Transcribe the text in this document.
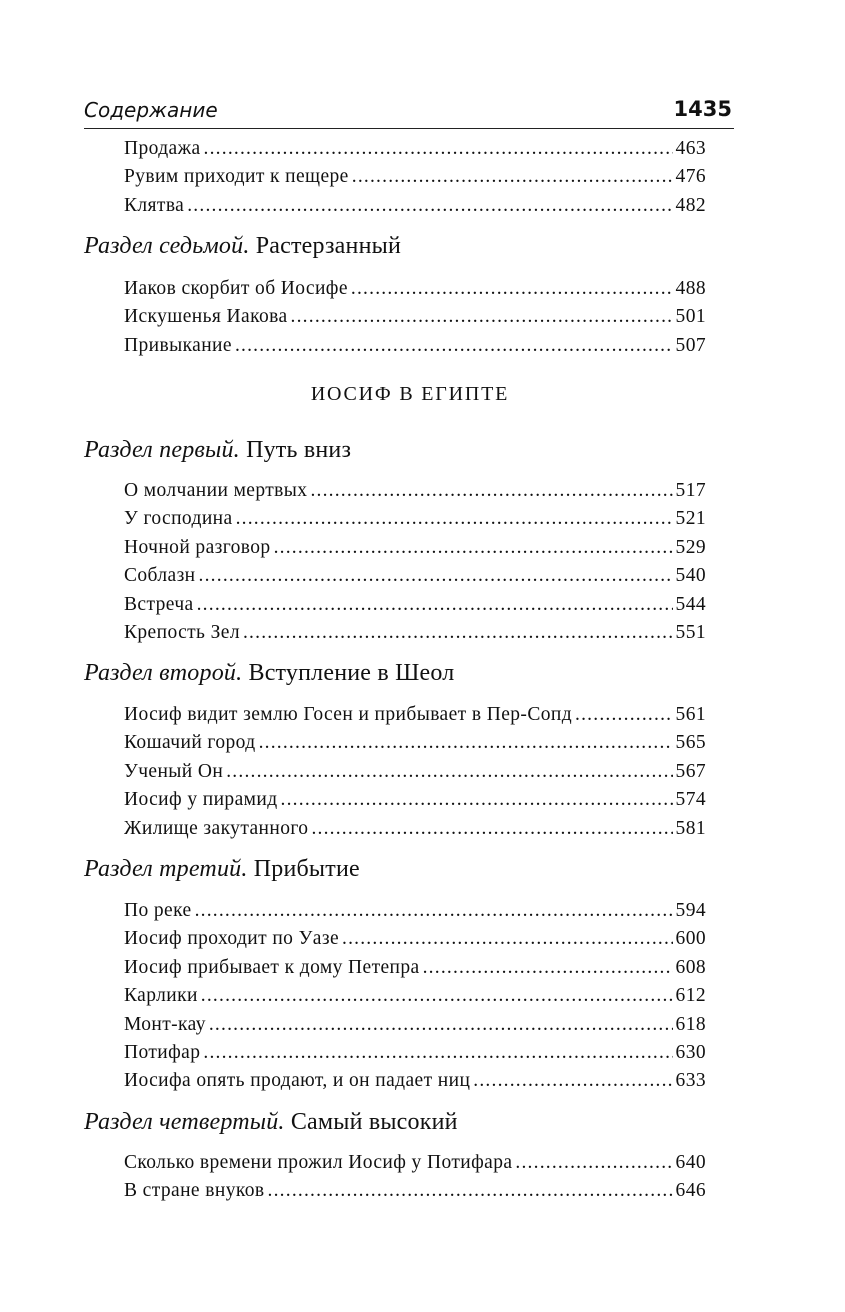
Содержание	1435
Продажа .....	463
Рувим приходит к пещере .....	476
Клятва .....	482
Раздел седьмой. Растерзанный
Иаков скорбит об Иосифе .....	488
Искушенья Иакова .....	501
Привыкание .....	507
ИОСИФ В ЕГИПТЕ
Раздел первый. Путь вниз
О молчании мертвых .....	517
У господина .....	521
Ночной разговор .....	529
Соблазн .....	540
Встреча .....	544
Крепость Зел .....	551
Раздел второй. Вступление в Шеол
Иосиф видит землю Госен и прибывает в Пер-Сопд .....	561
Кошачий город .....	565
Ученый Он .....	567
Иосиф у пирамид .....	574
Жилище закутанного .....	581
Раздел третий. Прибытие
По реке .....	594
Иосиф проходит по Уазе .....	600
Иосиф прибывает к дому Петепра .....	608
Карлики .....	612
Монт-кау .....	618
Потифар .....	630
Иосифа опять продают, и он падает ниц .....	633
Раздел четвертый. Самый высокий
Сколько времени прожил Иосиф у Потифара .....	640
В стране внуков .....	646
